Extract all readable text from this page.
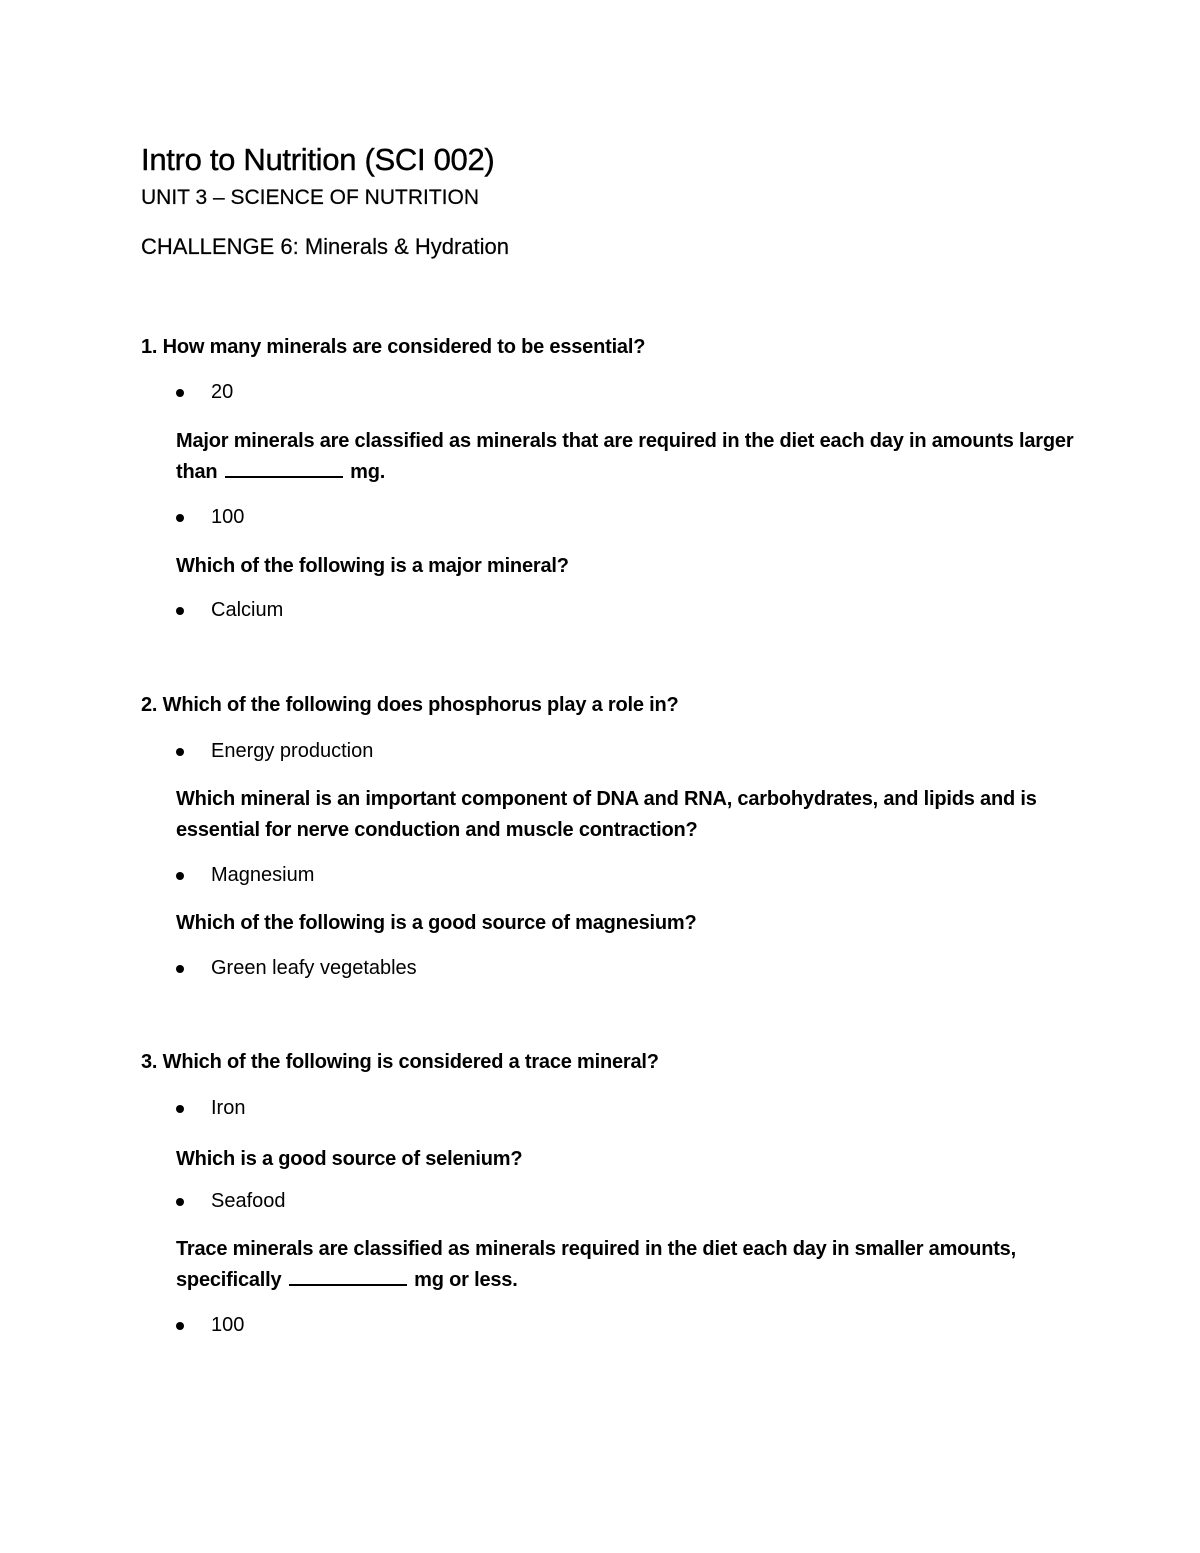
Intro to Nutrition (SCI 002)

UNIT 3 – SCIENCE OF NUTRITION

CHALLENGE 6: Minerals & Hydration

1. How many minerals are considered to be essential?

20

Major minerals are classified as minerals that are required in the diet each day in amounts larger than	mg.

100

Which of the following is a major mineral?

Calcium

2. Which of the following does phosphorus play a role in?

Energy production

Which mineral is an important component of DNA and RNA, carbohydrates, and lipids and is essential for nerve conduction and muscle contraction?

Magnesium

Which of the following is a good source of magnesium?

Green leafy vegetables

3. Which of the following is considered a trace mineral?

Iron

Which is a good source of selenium?

Seafood

Trace minerals are classified as minerals required in the diet each day in smaller amounts, specifically	mg or less.

100
